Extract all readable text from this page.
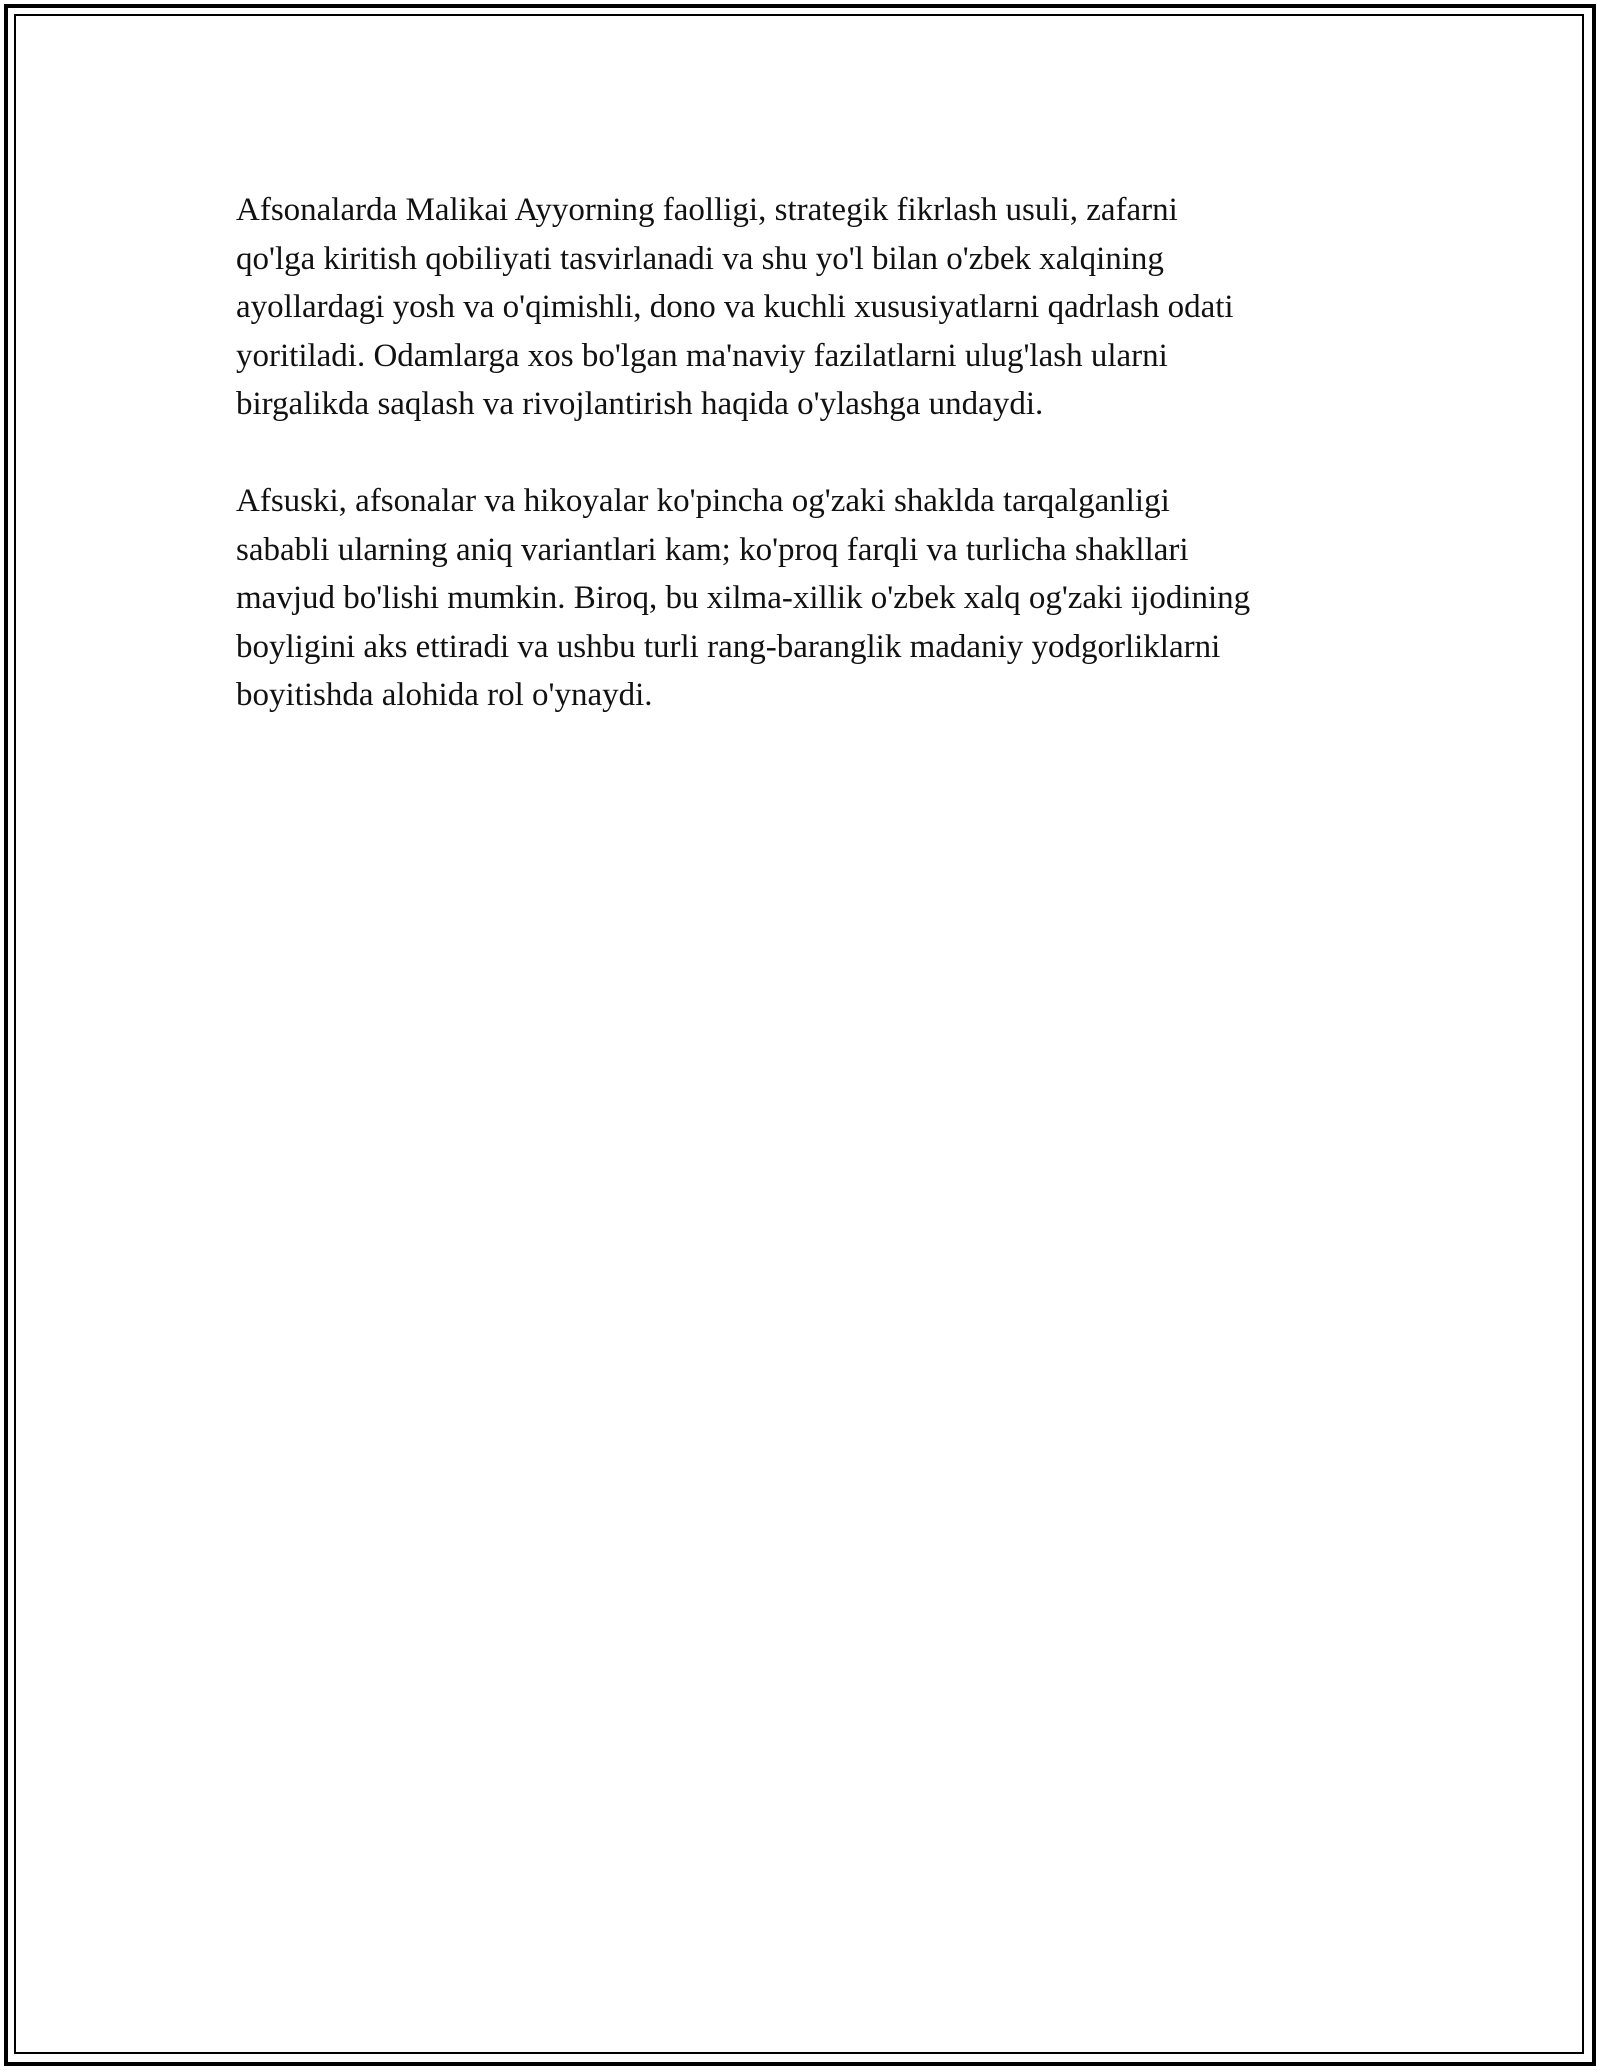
Afsonalarda Malikai Ayyorning faolligi, strategik fikrlash usuli, zafarni
qo'lga kiritish qobiliyati tasvirlanadi va shu yo'l bilan o'zbek xalqining
ayollardagi yosh va o'qimishli, dono va kuchli xususiyatlarni qadrlash odati
yoritiladi. Odamlarga xos bo'lgan ma'naviy fazilatlarni ulug'lash ularni
birgalikda saqlash va rivojlantirish haqida o'ylashga undaydi.

Afsuski, afsonalar va hikoyalar ko'pincha og'zaki shaklda tarqalganligi
sababli ularning aniq variantlari kam; ko'proq farqli va turlicha shakllari
mavjud bo'lishi mumkin. Biroq, bu xilma-xillik o'zbek xalq og'zaki ijodining
boyligini aks ettiradi va ushbu turli rang-baranglik madaniy yodgorliklarni
boyitishda alohida rol o'ynaydi.
